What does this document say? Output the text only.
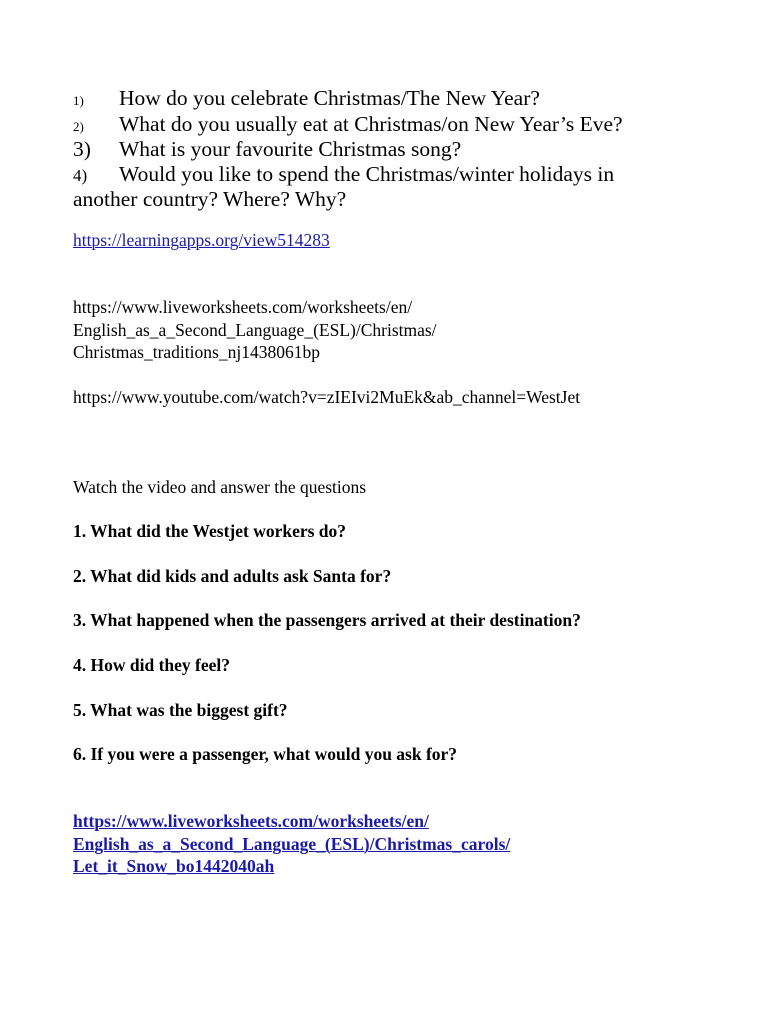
1) How do you celebrate Christmas/The New Year?
2) What do you usually eat at Christmas/on New Year’s Eve?
3) What is your favourite Christmas song?
4) Would you like to spend the Christmas/winter holidays in
another country? Where? Why?
https://learningapps.org/view514283
https://www.liveworksheets.com/worksheets/en/
English_as_a_Second_Language_(ESL)/Christmas/
Christmas_traditions_nj1438061bp
https://www.youtube.com/watch?v=zIEIvi2MuEk&ab_channel=WestJet
Watch the video and answer the questions
1. What did the Westjet workers do?
2. What did kids and adults ask Santa for?
3. What happened when the passengers arrived at their destination?
4. How did they feel?
5. What was the biggest gift?
6. If you were a passenger, what would you ask for?
https://www.liveworksheets.com/worksheets/en/
English_as_a_Second_Language_(ESL)/Christmas_carols/
Let_it_Snow_bo1442040ah
